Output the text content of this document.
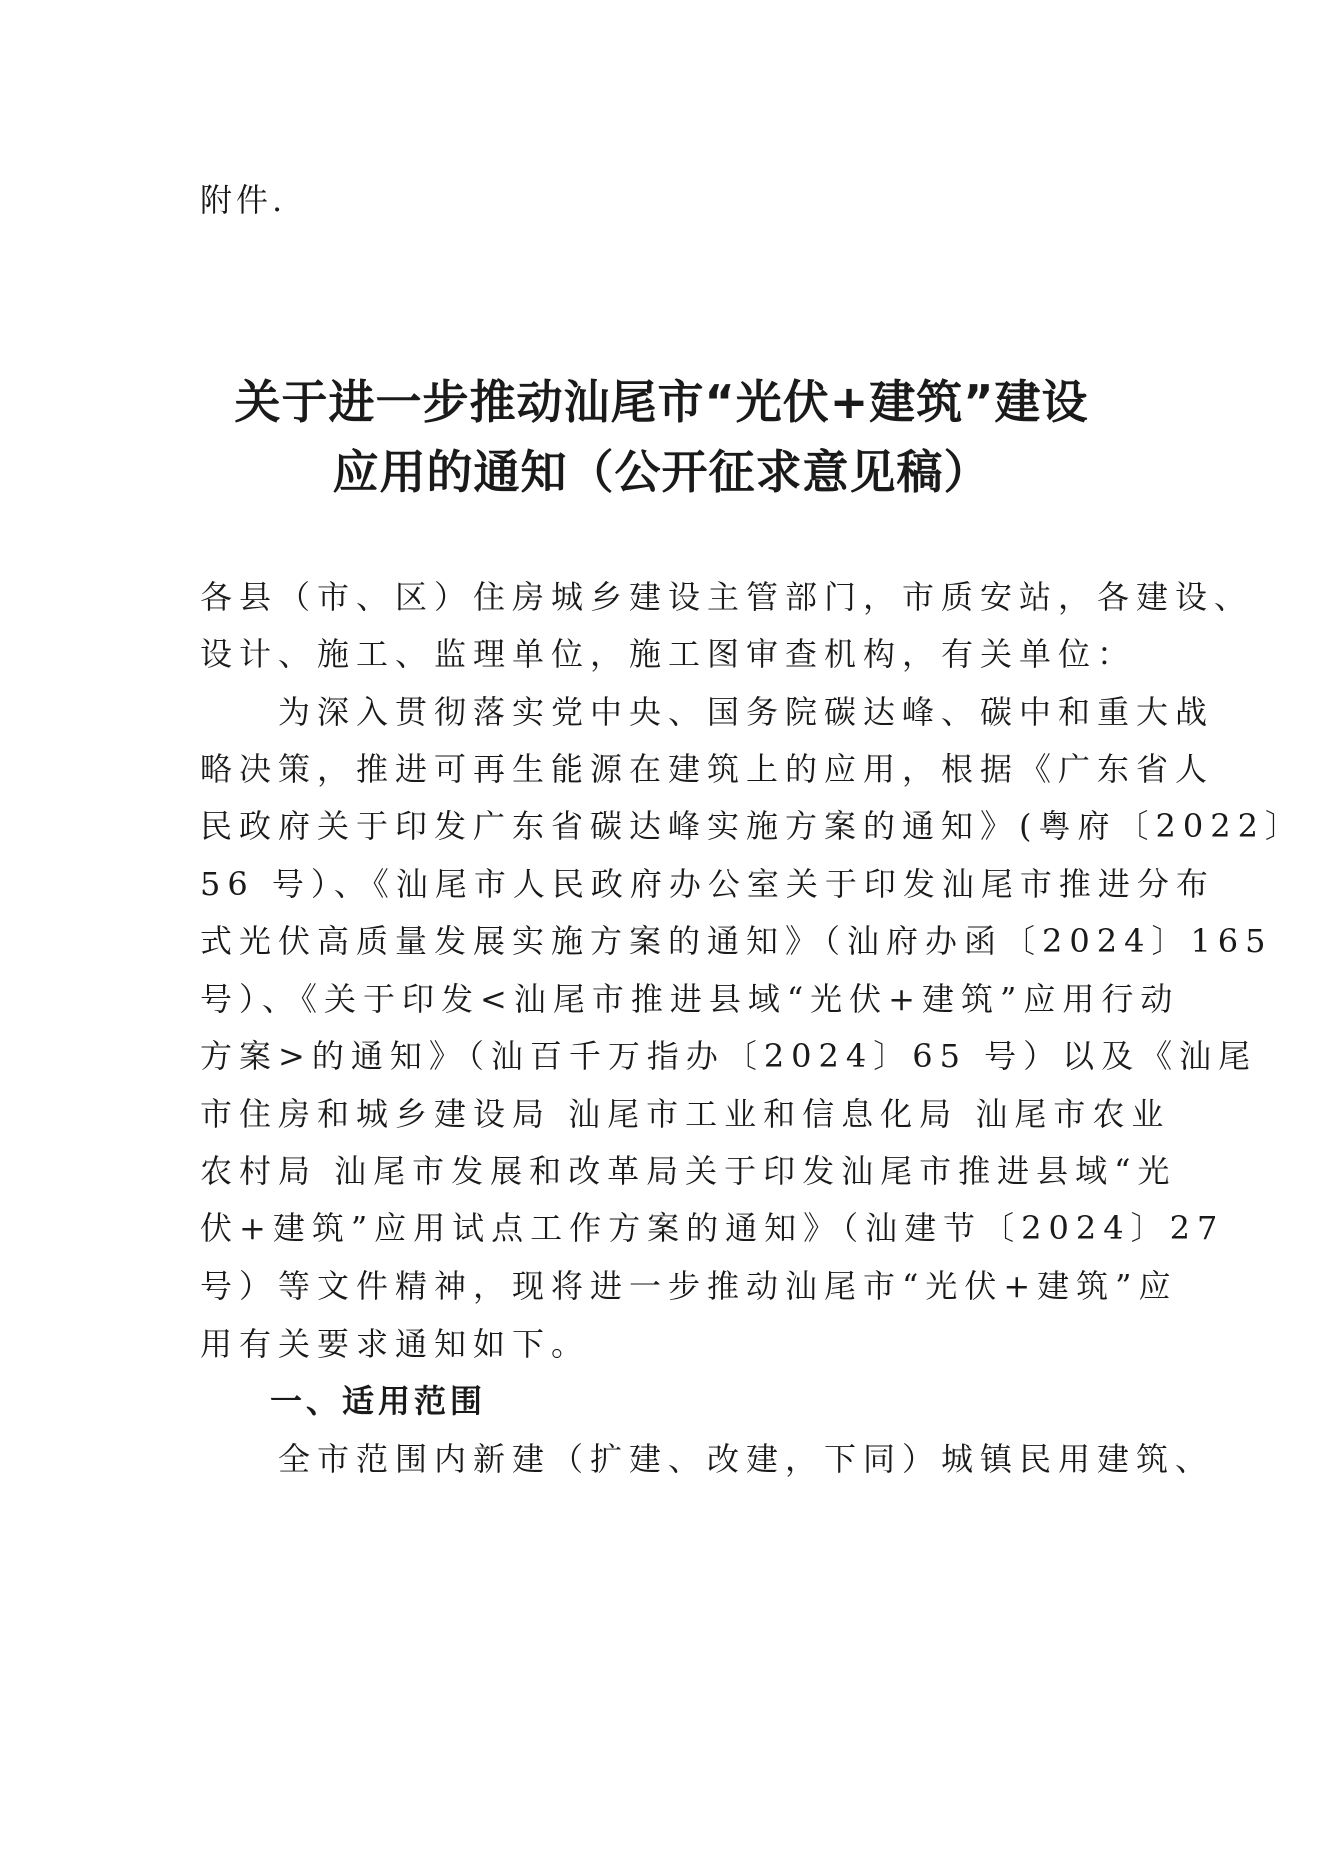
附件.
关于进一步推动汕尾市“光伏+建筑”建设
应用的通知（公开征求意见稿）
各县（市、区）住房城乡建设主管部门，市质安站，各建设、
设计、施工、监理单位，施工图审查机构，有关单位：
　　为深入贯彻落实党中央、国务院碳达峰、碳中和重大战
略决策，推进可再生能源在建筑上的应用，根据《广东省人
民政府关于印发广东省碳达峰实施方案的通知》(粤府〔2022〕
56 号）、《汕尾市人民政府办公室关于印发汕尾市推进分布
式光伏高质量发展实施方案的通知》（汕府办函〔2024〕165
号）、《关于印发<汕尾市推进县域“光伏+建筑”应用行动
方案>的通知》（汕百千万指办〔2024〕65 号）以及《汕尾
市住房和城乡建设局 汕尾市工业和信息化局 汕尾市农业
农村局 汕尾市发展和改革局关于印发汕尾市推进县域“光
伏+建筑”应用试点工作方案的通知》（汕建节〔2024〕27
号）等文件精神，现将进一步推动汕尾市“光伏+建筑”应
用有关要求通知如下。
一、适用范围
　　全市范围内新建（扩建、改建，下同）城镇民用建筑、
